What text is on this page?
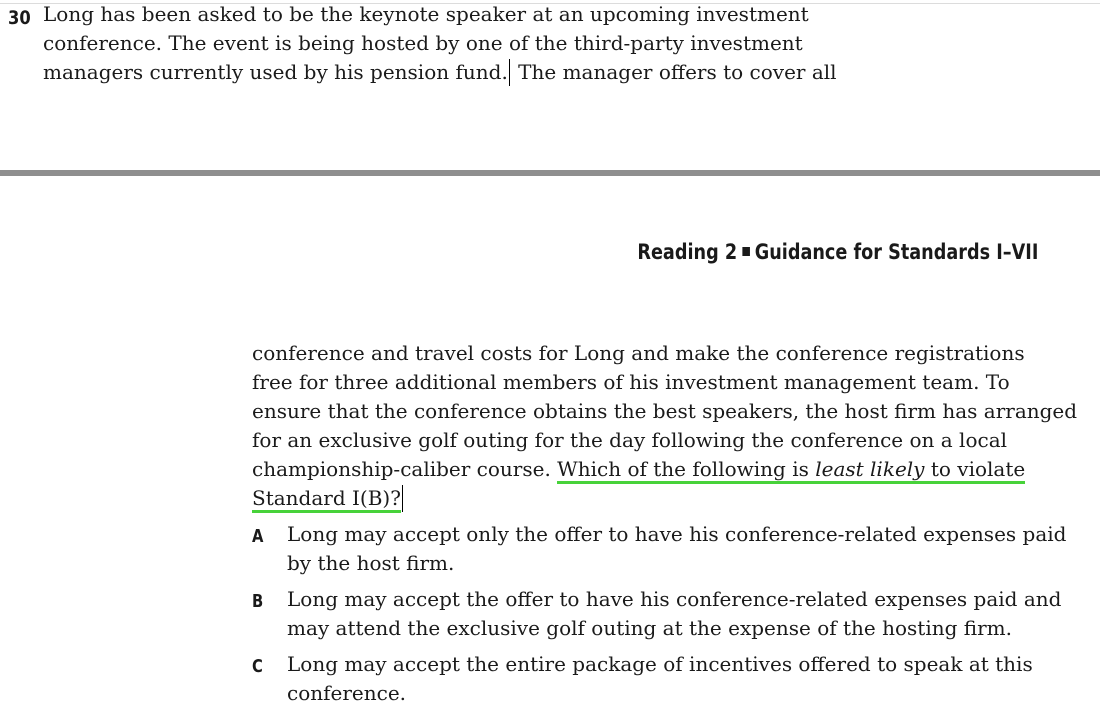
30 Long has been asked to be the keynote speaker at an upcoming investment
conference. The event is being hosted by one of the third-party investment
managers currently used by his pension fund. The manager offers to cover all
Reading 2 Guidance for Standards I–VII
conference and travel costs for Long and make the conference registrations
free for three additional members of his investment management team. To
ensure that the conference obtains the best speakers, the host firm has arranged
for an exclusive golf outing for the day following the conference on a local
championship-caliber course. Which of the following is least likely to violate
Standard I(B)?
A Long may accept only the offer to have his conference-related expenses paid
by the host firm.
B Long may accept the offer to have his conference-related expenses paid and
may attend the exclusive golf outing at the expense of the hosting firm.
C Long may accept the entire package of incentives offered to speak at this
conference.
